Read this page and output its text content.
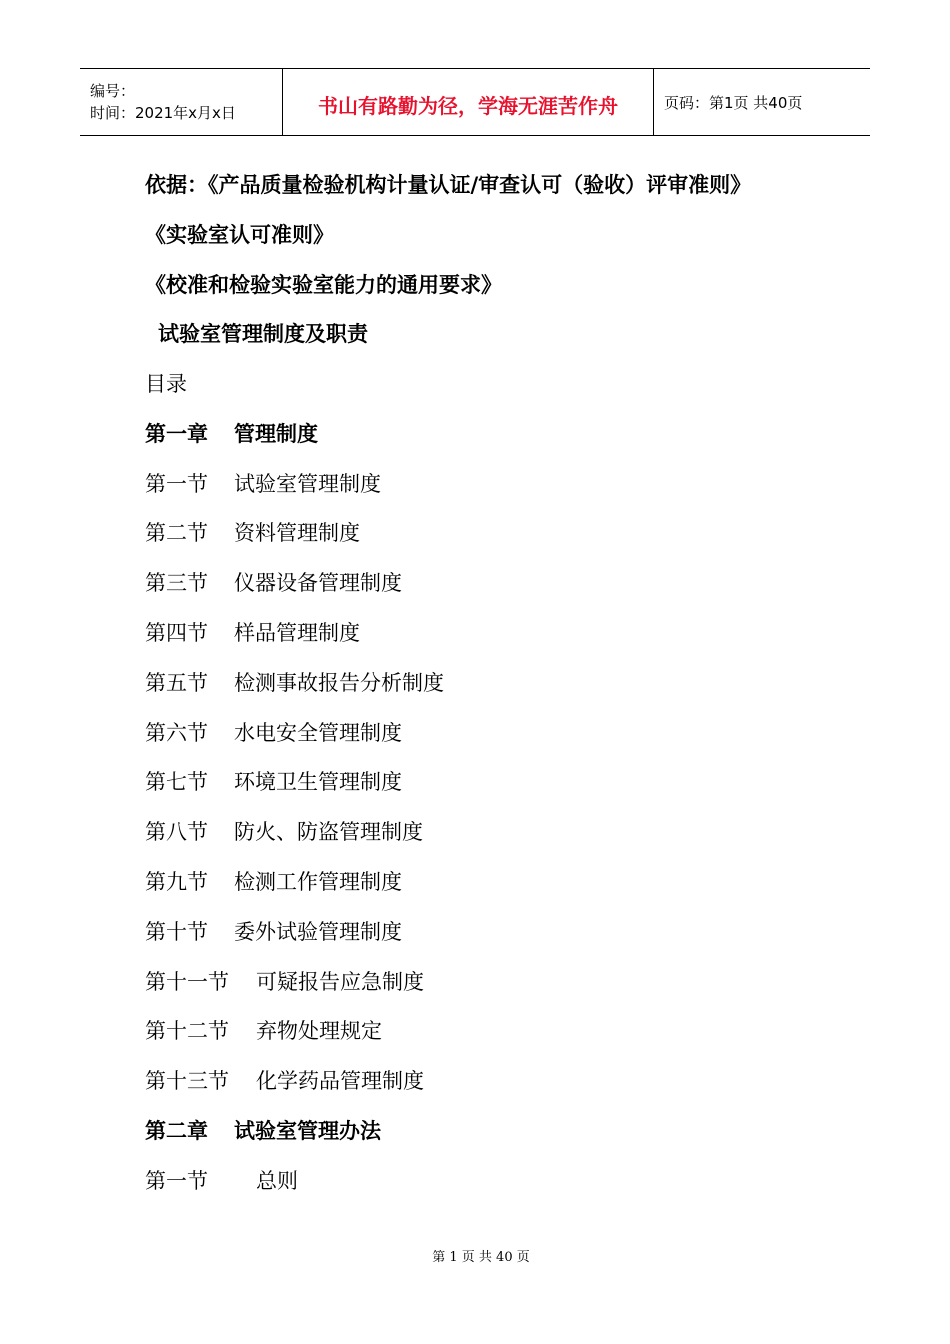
编号：
时间：2021年x月x日	书山有路勤为径，学海无涯苦作舟	页码：第1页 共40页
依据：《产品质量检验机构计量认证/审查认可（验收）评审准则》
《实验室认可准则》
《校准和检验实验室能力的通用要求》
试验室管理制度及职责
目录
第一章 管理制度
第一节 试验室管理制度
第二节 资料管理制度
第三节 仪器设备管理制度
第四节 样品管理制度
第五节 检测事故报告分析制度
第六节 水电安全管理制度
第七节 环境卫生管理制度
第八节 防火、防盗管理制度
第九节 检测工作管理制度
第十节 委外试验管理制度
第十一节 可疑报告应急制度
第十二节 弃物处理规定
第十三节 化学药品管理制度
第二章 试验室管理办法
第一节 总则
第 1 页 共 40 页
